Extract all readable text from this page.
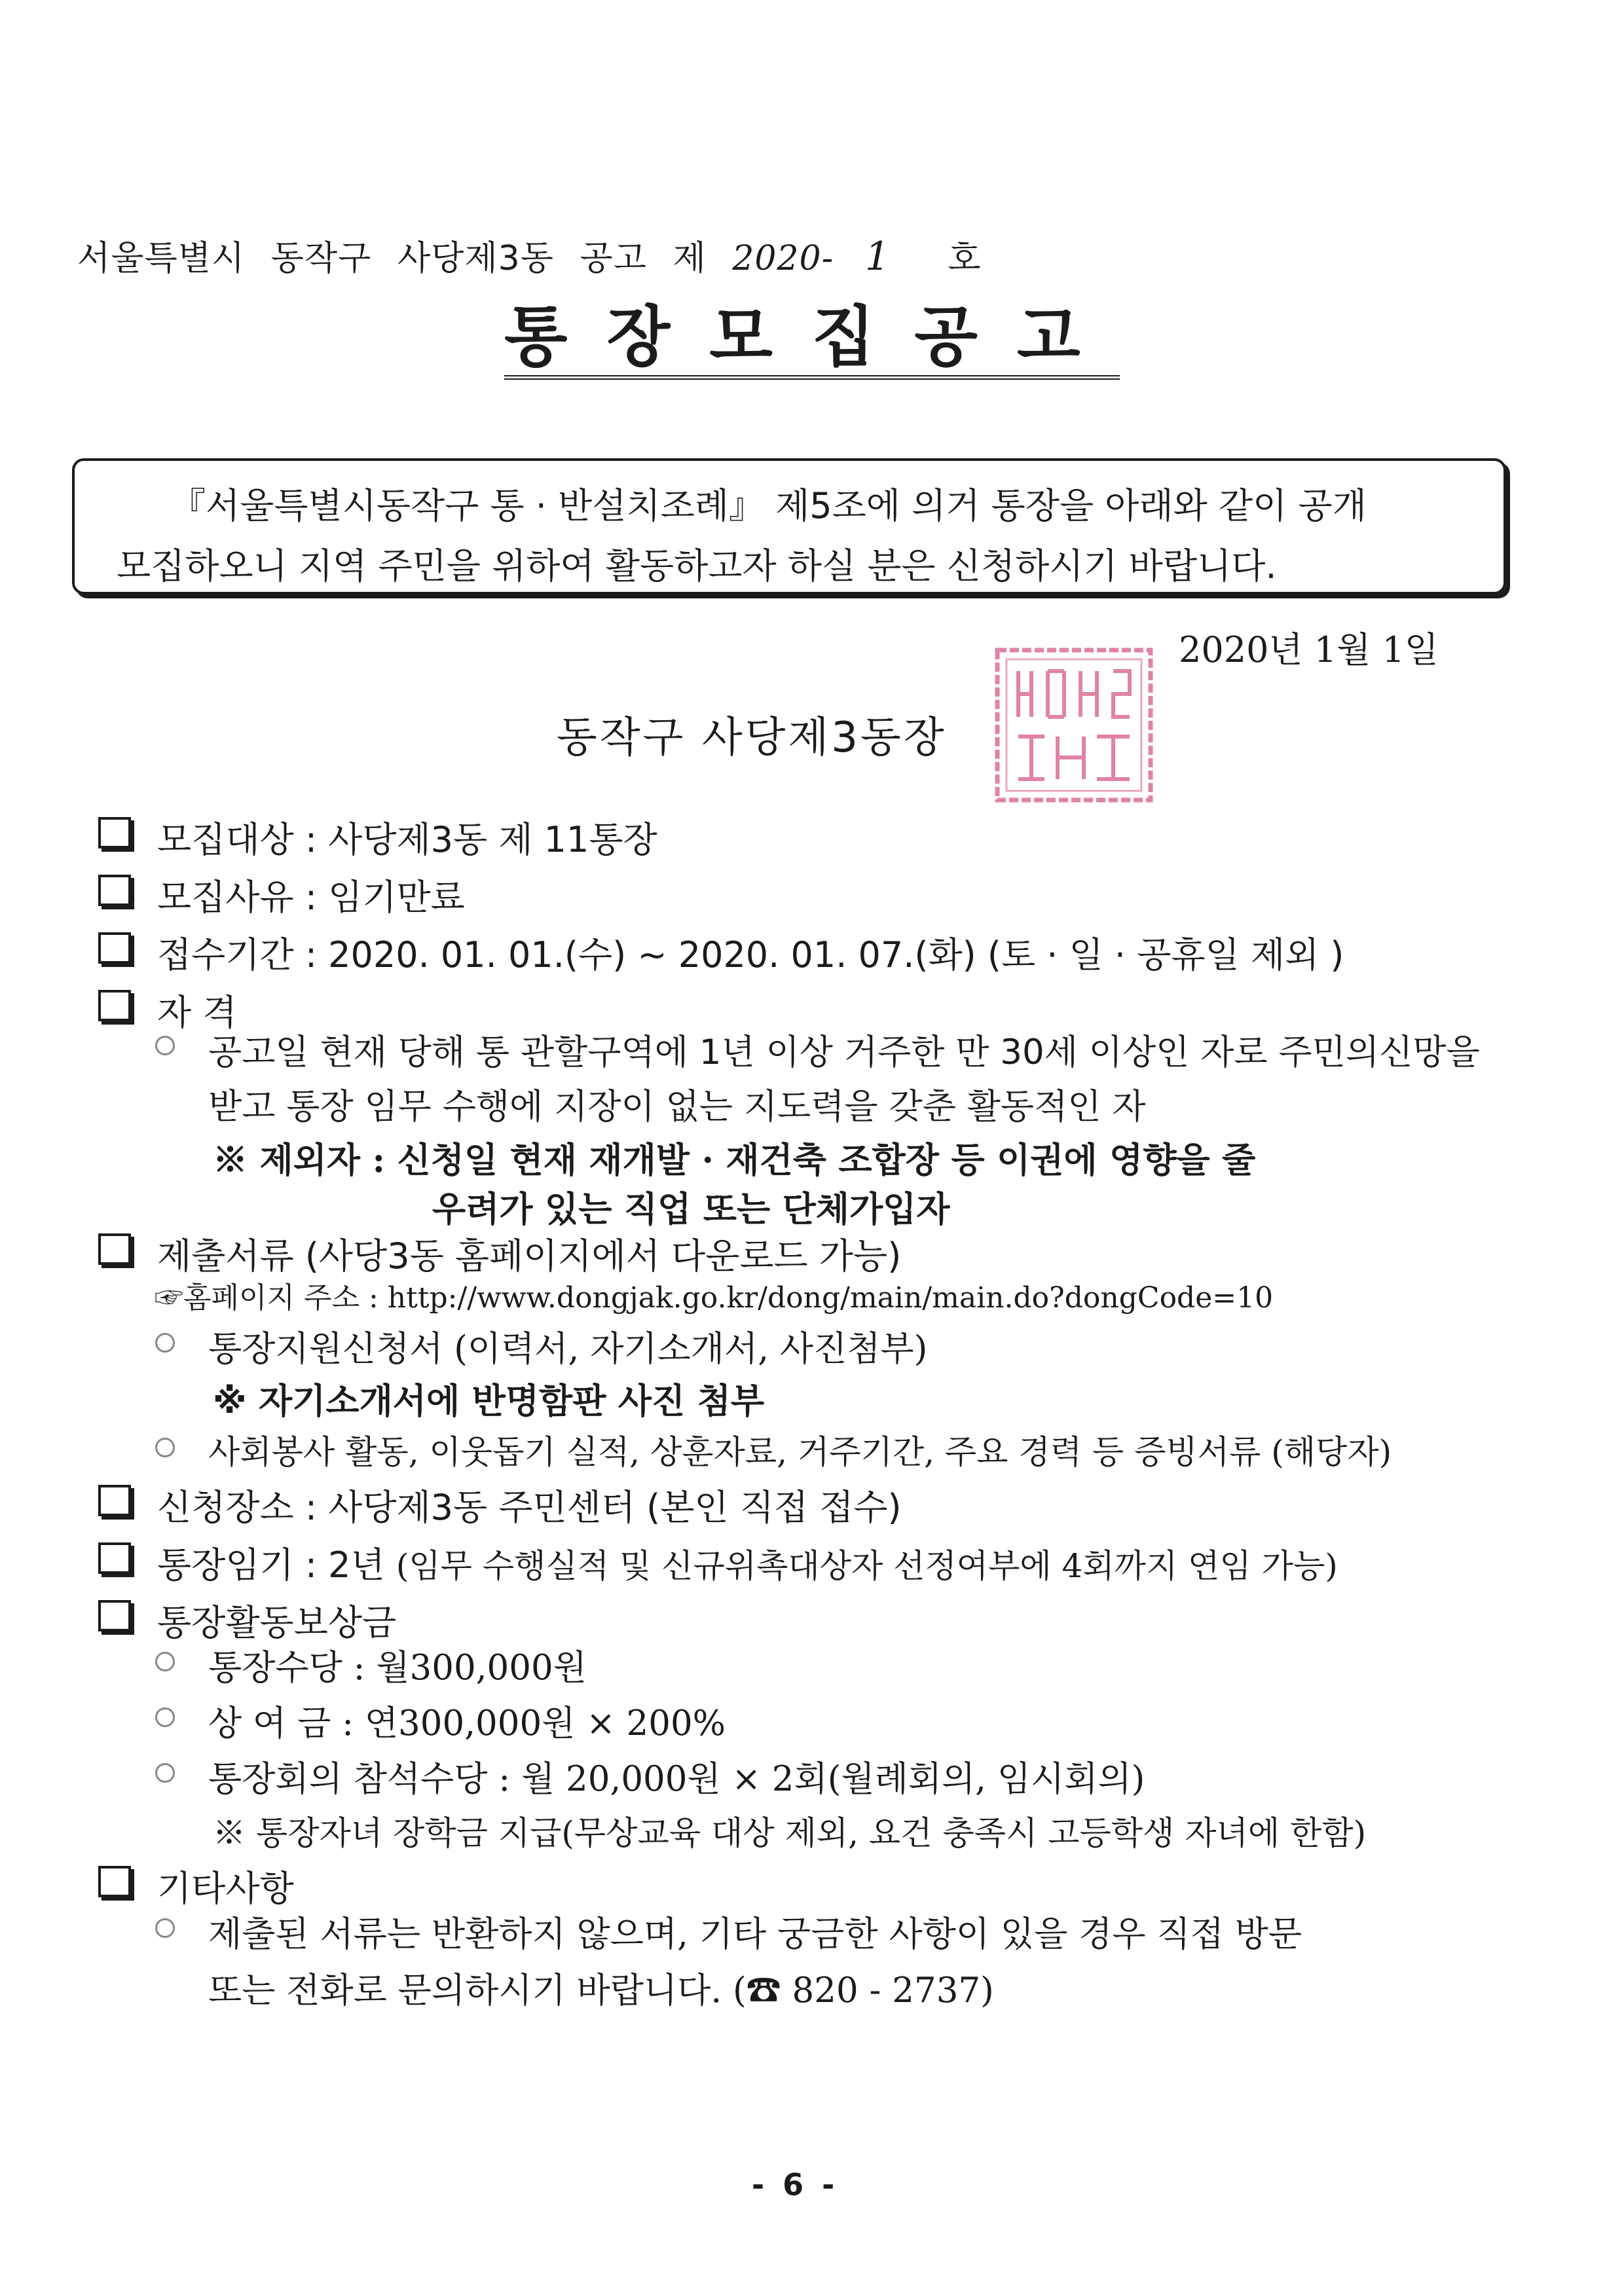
서울특별시 동작구 사당제3동 공고 제 2020- 1 호
통장모집공고
『서울특별시동작구 통 · 반설치조례』 제5조에 의거 통장을 아래와 같이 공개
모집하오니 지역 주민을 위하여 활동하고자 하실 분은 신청하시기 바랍니다.
2020년 1월 1일
동작구 사당제3동장
모집대상 : 사당제3동 제 11통장
모집사유 : 임기만료
접수기간 : 2020. 01. 01.(수) ~ 2020. 01. 07.(화) (토 · 일 · 공휴일 제외 )
자 격
공고일 현재 당해 통 관할구역에 1년 이상 거주한 만 30세 이상인 자로 주민의신망을
받고 통장 임무 수행에 지장이 없는 지도력을 갖춘 활동적인 자
※ 제외자 : 신청일 현재 재개발 · 재건축 조합장 등 이권에 영향을 줄
우려가 있는 직업 또는 단체가입자
제출서류 (사당3동 홈페이지에서 다운로드 가능)
☞홈페이지 주소 : http://www.dongjak.go.kr/dong/main/main.do?dongCode=10
통장지원신청서 (이력서, 자기소개서, 사진첨부)
※ 자기소개서에 반명함판 사진 첨부
사회봉사 활동, 이웃돕기 실적, 상훈자료, 거주기간, 주요 경력 등 증빙서류 (해당자)
신청장소 : 사당제3동 주민센터 (본인 직접 접수)
통장임기 : 2년 (임무 수행실적 및 신규위촉대상자 선정여부에 4회까지 연임 가능)
통장활동보상금
통장수당 : 월300,000원
상 여 금 : 연300,000원 × 200%
통장회의 참석수당 : 월 20,000원 × 2회(월례회의, 임시회의)
※ 통장자녀 장학금 지급(무상교육 대상 제외, 요건 충족시 고등학생 자녀에 한함)
기타사항
제출된 서류는 반환하지 않으며, 기타 궁금한 사항이 있을 경우 직접 방문
또는 전화로 문의하시기 바랍니다. (☎ 820 - 2737)
- 6 -
